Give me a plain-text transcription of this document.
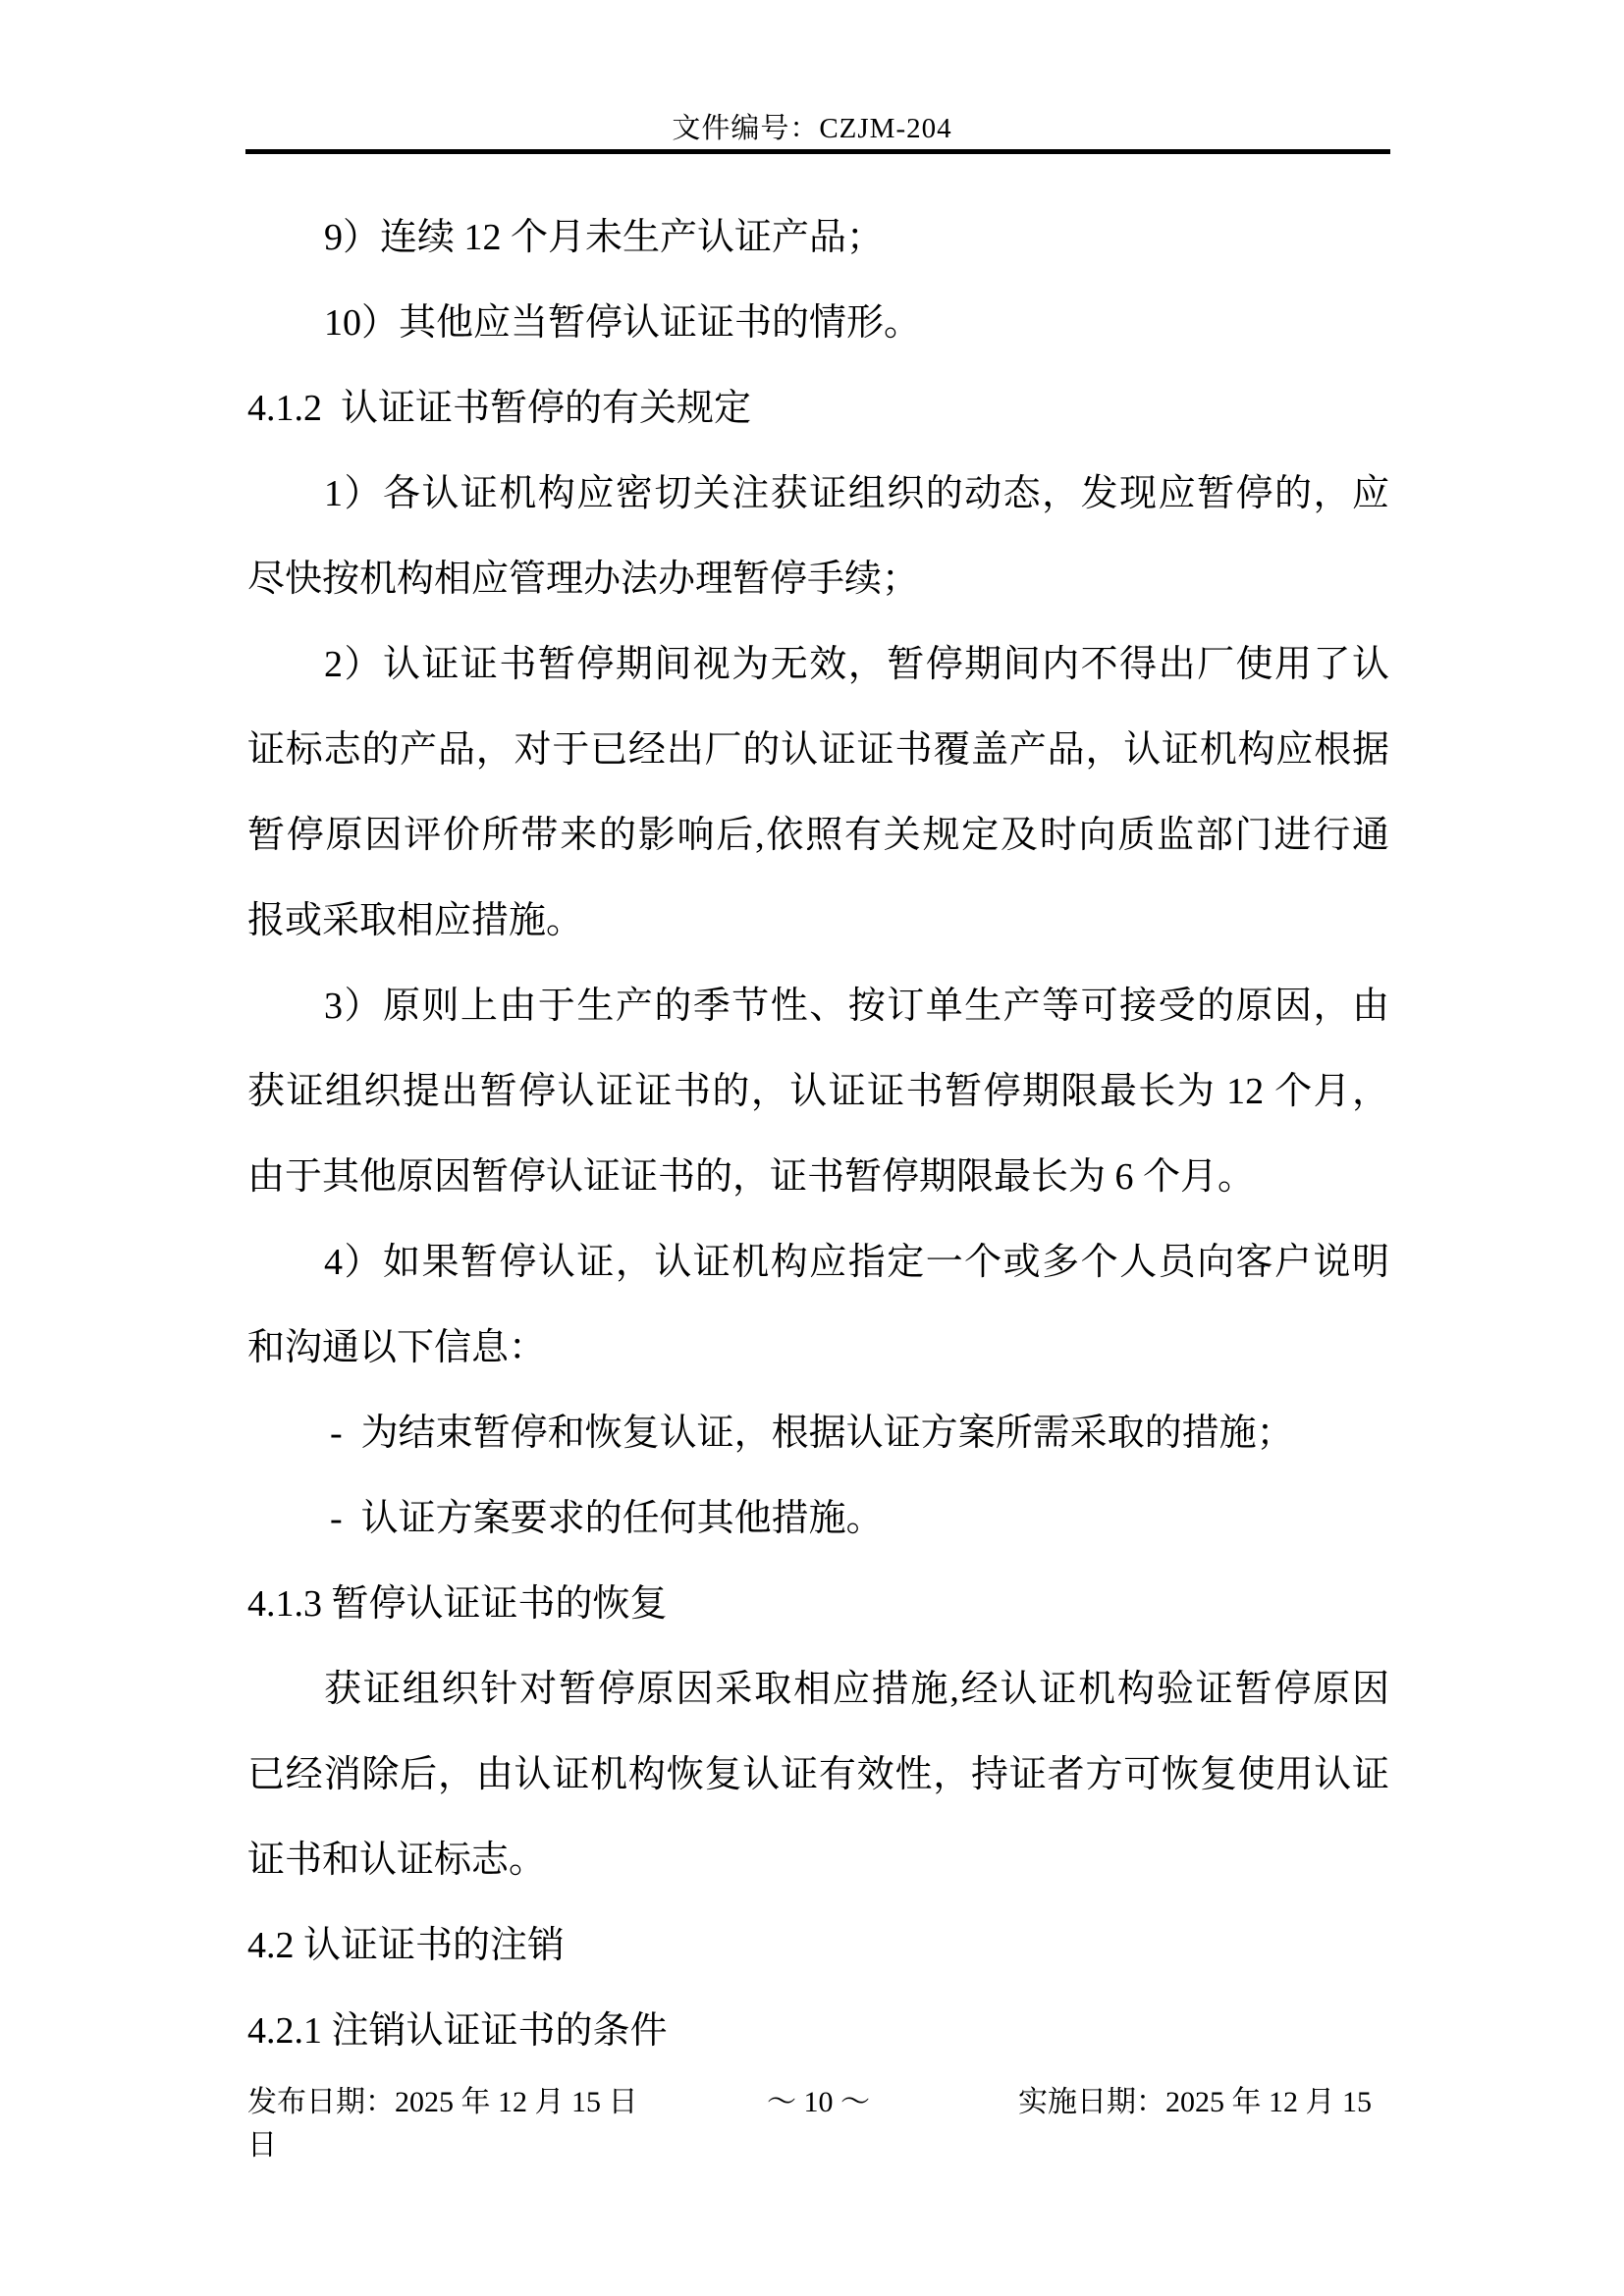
文件编号：CZJM-204
9）连续 12 个月未生产认证产品；
10）其他应当暂停认证证书的情形。
4.1.2  认证证书暂停的有关规定
1）各认证机构应密切关注获证组织的动态，发现应暂停的，应
尽快按机构相应管理办法办理暂停手续；
2）认证证书暂停期间视为无效，暂停期间内不得出厂使用了认
证标志的产品，对于已经出厂的认证证书覆盖产品，认证机构应根据
暂停原因评价所带来的影响后,依照有关规定及时向质监部门进行通
报或采取相应措施。
3）原则上由于生产的季节性、按订单生产等可接受的原因，由
获证组织提出暂停认证证书的，认证证书暂停期限最长为 12 个月，
由于其他原因暂停认证证书的，证书暂停期限最长为 6 个月。
4）如果暂停认证，认证机构应指定一个或多个人员向客户说明
和沟通以下信息：
-  为结束暂停和恢复认证，根据认证方案所需采取的措施；
-  认证方案要求的任何其他措施。
4.1.3 暂停认证证书的恢复
获证组织针对暂停原因采取相应措施,经认证机构验证暂停原因
已经消除后，由认证机构恢复认证有效性，持证者方可恢复使用认证
证书和认证标志。
4.2 认证证书的注销
4.2.1 注销认证证书的条件

发布日期：2025 年 12 月 15 日

	～ 10 ～

	实施日期：2025 年 12 月 15

日
